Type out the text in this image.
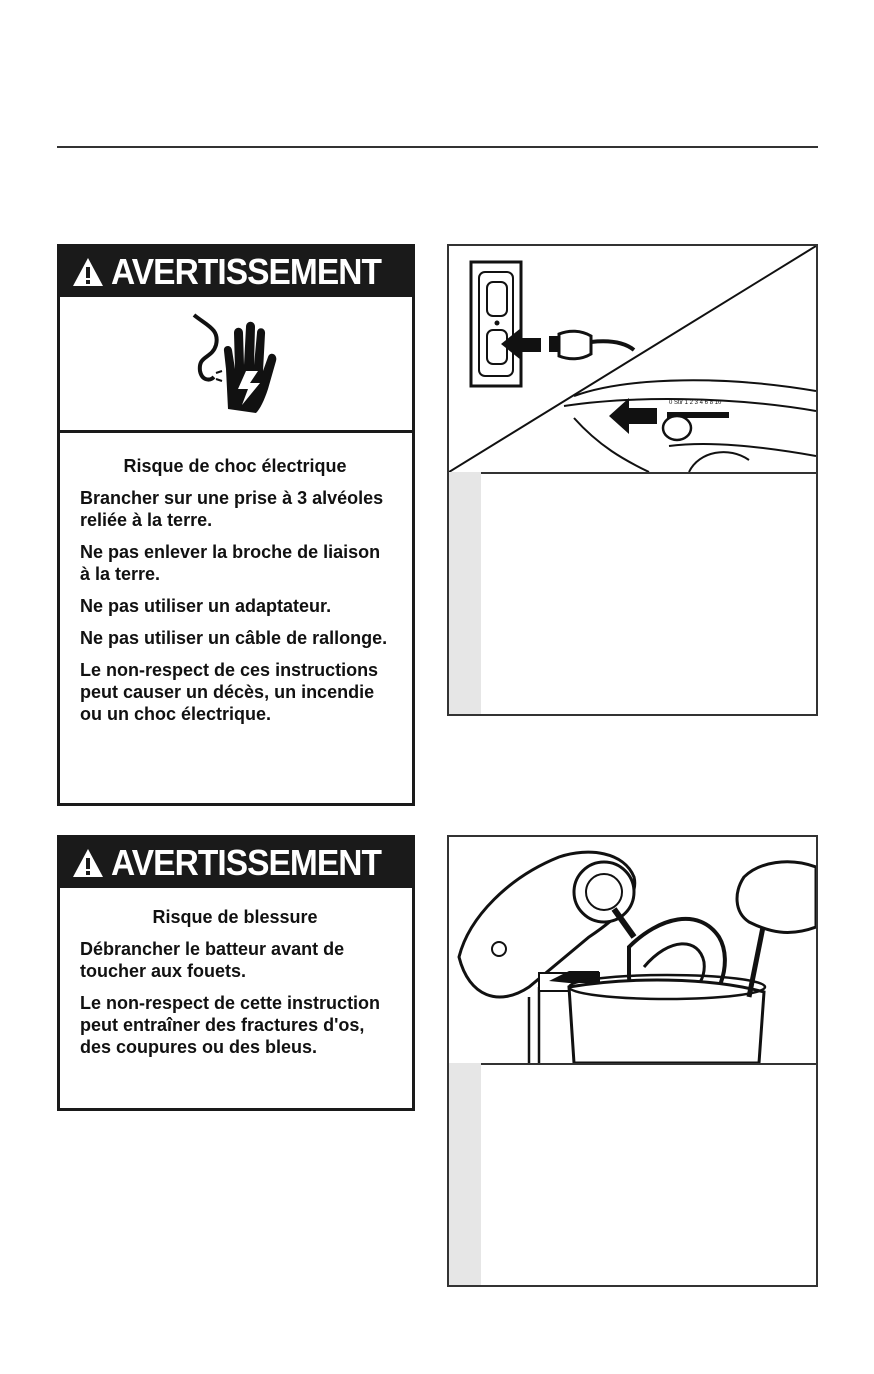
AVERTISSEMENT
Risque de choc électrique

Brancher sur une prise à 3 alvéoles reliée à la terre.

Ne pas enlever la broche de liaison à la terre.

Ne pas utiliser un adaptateur.

Ne pas utiliser un câble de rallonge.

Le non-respect de ces instructions peut causer un décès, un incendie ou un choc électrique.

AVERTISSEMENT
Risque de blessure

Débrancher le batteur avant de toucher aux fouets.

Le non-respect de cette instruction peut entraîner des fractures d'os, des coupures ou des bleus.

0 Stir 1 2 3 4 6 8 10
